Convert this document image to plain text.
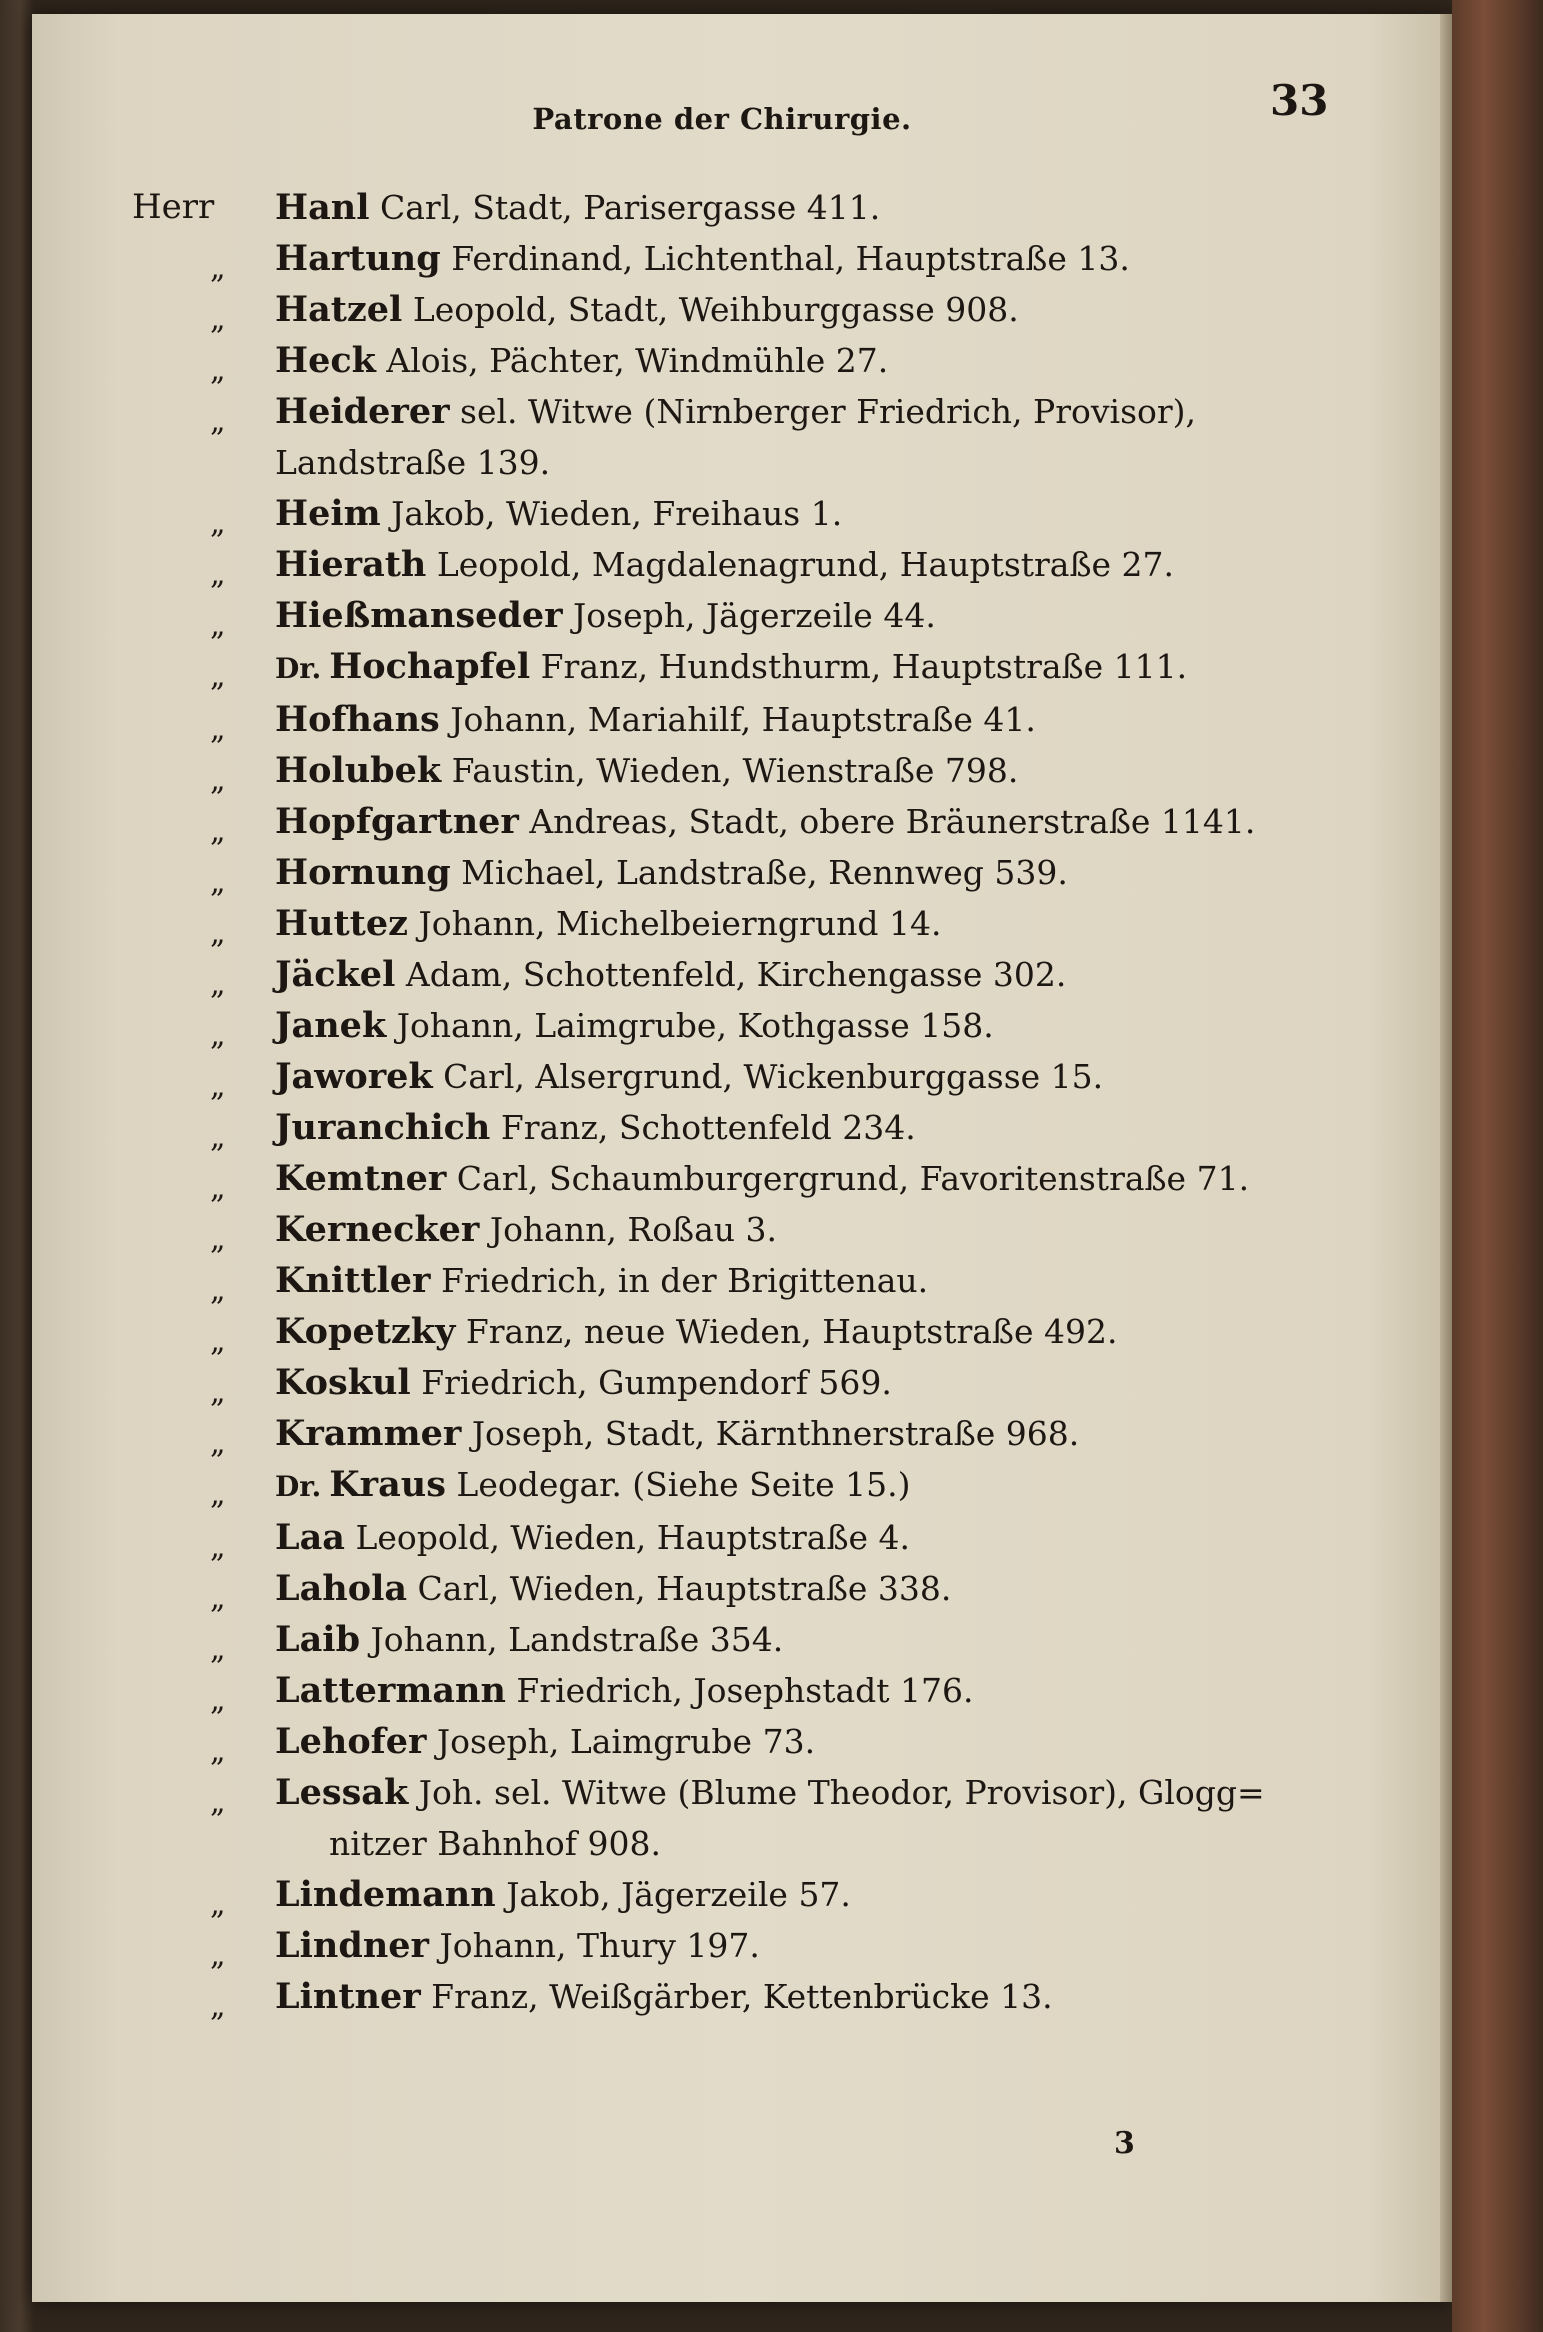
Patrone der Chirurgie.	33
Herr Hanl Carl, Stadt, Parisergasse 411.
„ Hartung Ferdinand, Lichtenthal, Hauptstraße 13.
„ Hatzel Leopold, Stadt, Weihburggasse 908.
„ Heck Alois, Pächter, Windmühle 27.
„ Heiderer sel. Witwe (Nirnberger Friedrich, Provisor),
Landstraße 139.
„ Heim Jakob, Wieden, Freihaus 1.
„ Hierath Leopold, Magdalenagrund, Hauptstraße 27.
„ Hießmanseder Joseph, Jägerzeile 44.
„ Dr. Hochapfel Franz, Hundsthurm, Hauptstraße 111.
„ Hofhans Johann, Mariahilf, Hauptstraße 41.
„ Holubek Faustin, Wieden, Wienstraße 798.
„ Hopfgartner Andreas, Stadt, obere Bräunerstraße 1141.
„ Hornung Michael, Landstraße, Rennweg 539.
„ Huttez Johann, Michelbeierngrund 14.
„ Jäckel Adam, Schottenfeld, Kirchengasse 302.
„ Janek Johann, Laimgrube, Kothgasse 158.
„ Jaworek Carl, Alsergrund, Wickenburggasse 15.
„ Juranchich Franz, Schottenfeld 234.
„ Kemtner Carl, Schaumburgergrund, Favoritenstraße 71.
„ Kernecker Johann, Roßau 3.
„ Knittler Friedrich, in der Brigittenau.
„ Kopetzky Franz, neue Wieden, Hauptstraße 492.
„ Koskul Friedrich, Gumpendorf 569.
„ Krammer Joseph, Stadt, Kärnthnerstraße 968.
„ Dr. Kraus Leodegar. (Siehe Seite 15.)
„ Laa Leopold, Wieden, Hauptstraße 4.
„ Lahola Carl, Wieden, Hauptstraße 338.
„ Laib Johann, Landstraße 354.
„ Lattermann Friedrich, Josephstadt 176.
„ Lehofer Joseph, Laimgrube 73.
„ Lessak Joh. sel. Witwe (Blume Theodor, Provisor), Glogg=
nitzer Bahnhof 908.
„ Lindemann Jakob, Jägerzeile 57.
„ Lindner Johann, Thury 197.
„ Lintner Franz, Weißgärber, Kettenbrücke 13.
3
